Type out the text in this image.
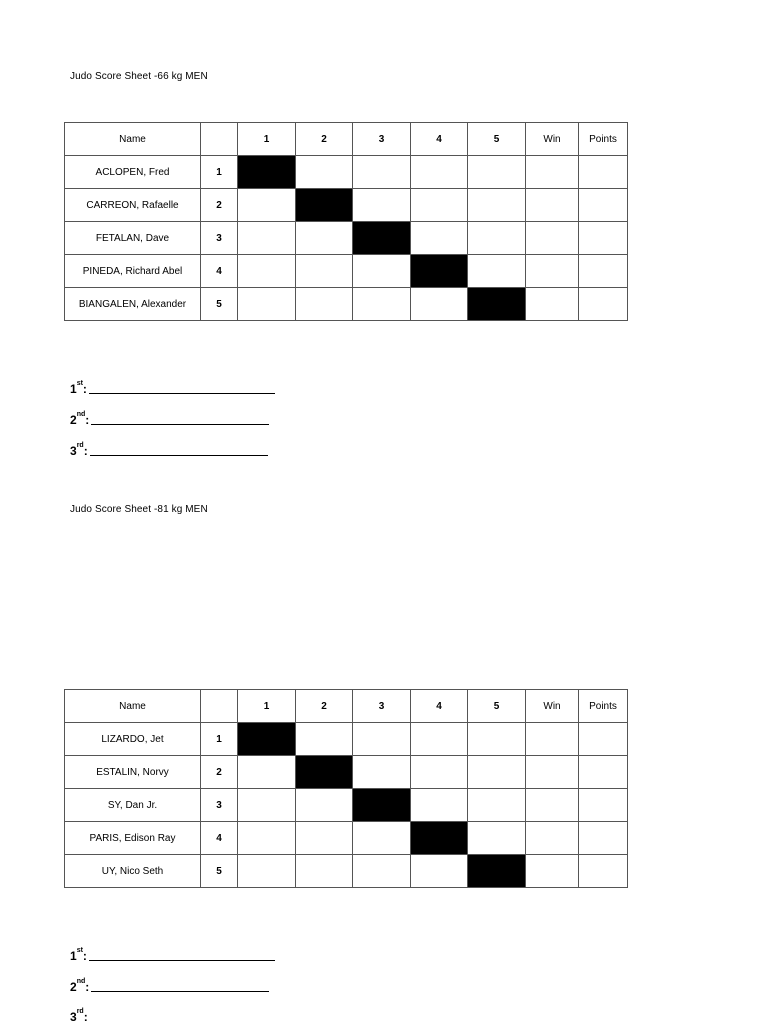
Judo Score Sheet -66 kg MEN
Name		1	2	3	4	5	Win	Points
ACLOPEN, Fred	1							
CARREON, Rafaelle	2							
FETALAN, Dave	3							
PINEDA, Richard Abel	4							
BIANGALEN, Alexander	5							
1st :
2nd :
3rd :
Judo Score Sheet -81 kg MEN
Name		1	2	3	4	5	Win	Points
LIZARDO, Jet	1							
ESTALIN, Norvy	2							
SY, Dan Jr.	3							
PARIS, Edison Ray	4							
UY, Nico Seth	5							
1st :
2nd :
3rd :
